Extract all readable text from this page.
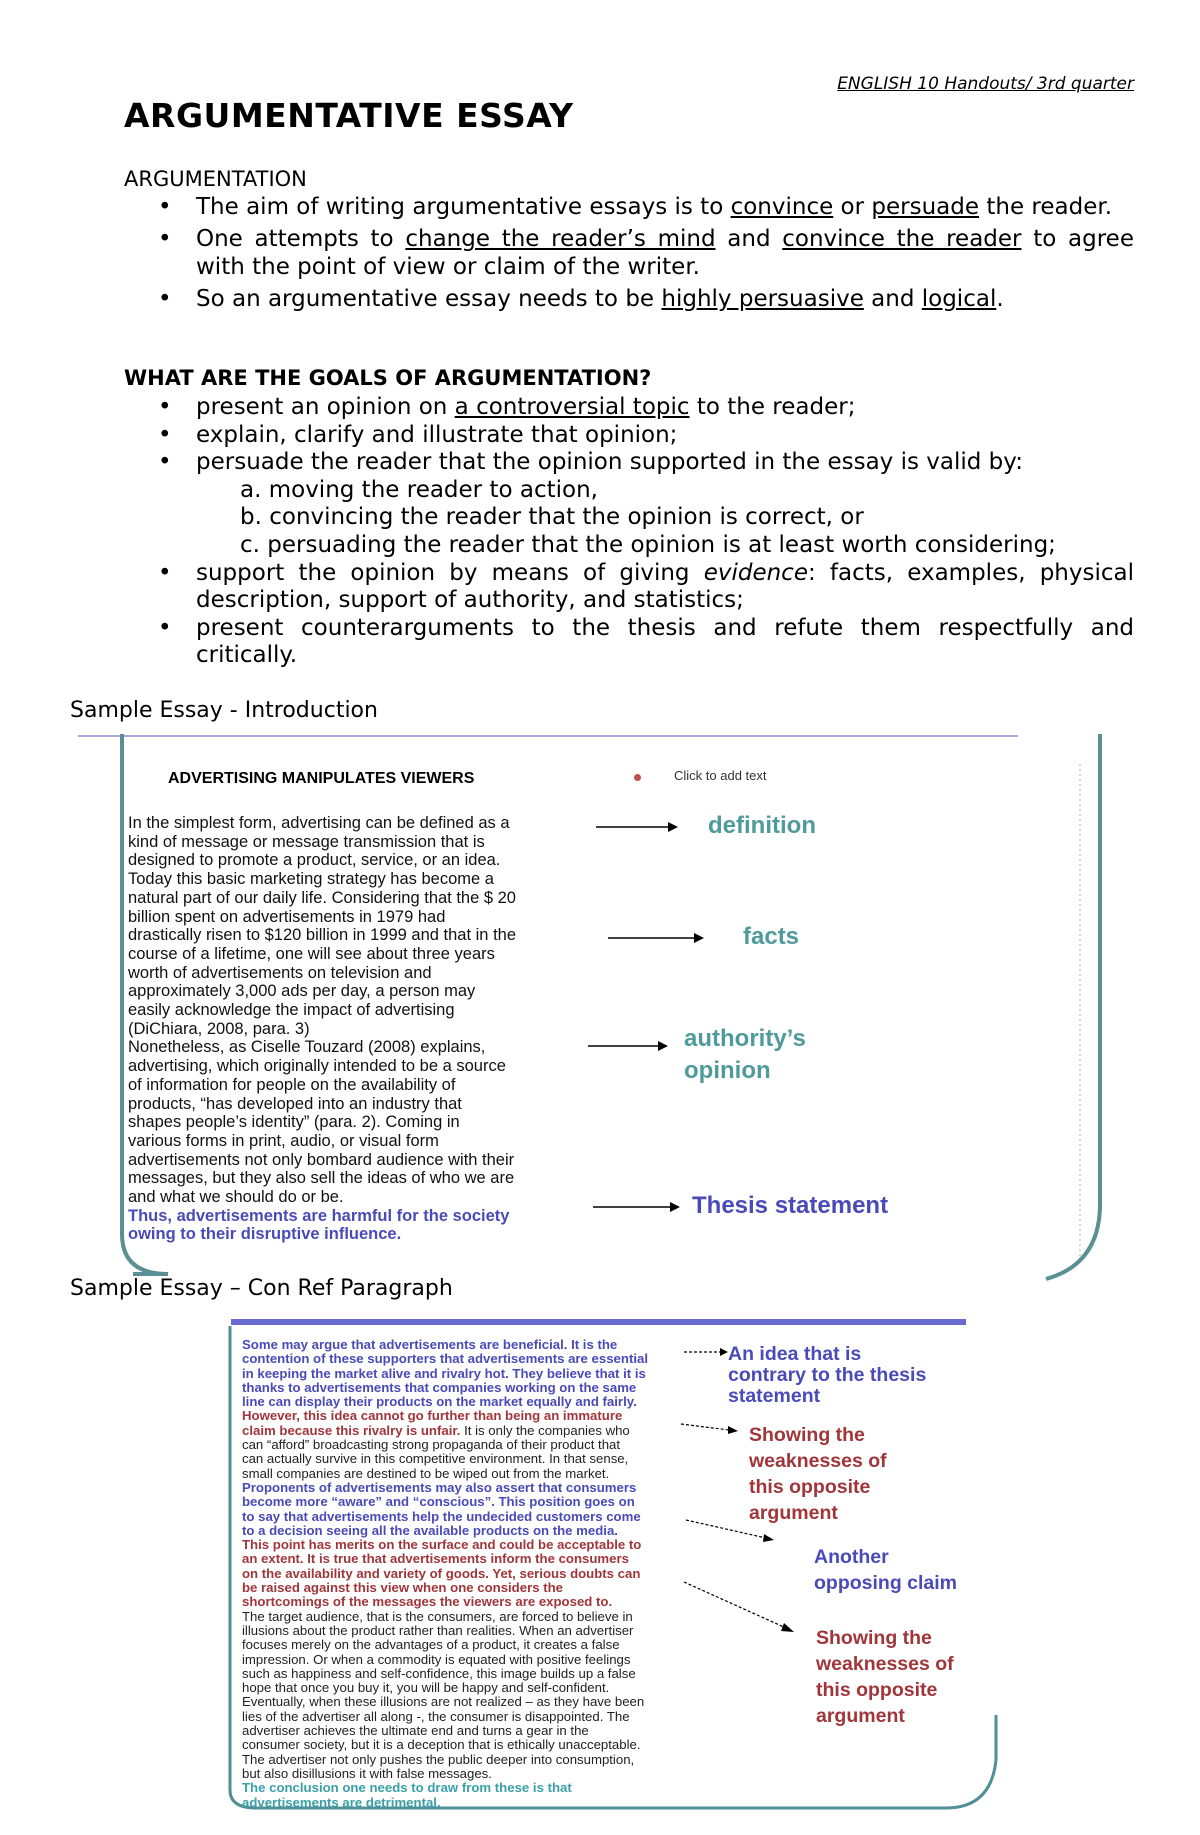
ENGLISH 10 Handouts/ 3rd quarter
ARGUMENTATIVE ESSAY
ARGUMENTATION
• The aim of writing argumentative essays is to convince or persuade the reader.
• One attempts to change the reader’s mind and convince the reader to agree with the point of view or claim of the writer.
• So an argumentative essay needs to be highly persuasive and logical.
WHAT ARE THE GOALS OF ARGUMENTATION?
• present an opinion on a controversial topic to the reader;
• explain, clarify and illustrate that opinion;
• persuade the reader that the opinion supported in the essay is valid by:
a. moving the reader to action,
b. convincing the reader that the opinion is correct, or
c. persuading the reader that the opinion is at least worth considering;
• support the opinion by means of giving evidence: facts, examples, physical description, support of authority, and statistics;
• present counterarguments to the thesis and refute them respectfully and critically.
Sample Essay - Introduction
ADVERTISING MANIPULATES VIEWERS	Click to add text
In the simplest form, advertising can be defined as a
kind of message or message transmission that is
designed to promote a product, service, or an idea.
Today this basic marketing strategy has become a
natural part of our daily life. Considering that the $ 20
billion spent on advertisements in 1979 had
drastically risen to $120 billion in 1999 and that in the
course of a lifetime, one will see about three years
worth of advertisements on television and
approximately 3,000 ads per day, a person may
easily acknowledge the impact of advertising
(DiChiara, 2008, para. 3)
Nonetheless, as Ciselle Touzard (2008) explains,
advertising, which originally intended to be a source
of information for people on the availability of
products, “has developed into an industry that
shapes people’s identity” (para. 2). Coming in
various forms in print, audio, or visual form
advertisements not only bombard audience with their
messages, but they also sell the ideas of who we are
and what we should do or be.
Thus, advertisements are harmful for the society
owing to their disruptive influence.
definition
facts
authority’s
opinion
Thesis statement
Sample Essay – Con Ref Paragraph
Some may argue that advertisements are beneficial. It is the
contention of these supporters that advertisements are essential
in keeping the market alive and rivalry hot. They believe that it is
thanks to advertisements that companies working on the same
line can display their products on the market equally and fairly.
However, this idea cannot go further than being an immature
claim because this rivalry is unfair. It is only the companies who
can “afford” broadcasting strong propaganda of their product that
can actually survive in this competitive environment. In that sense,
small companies are destined to be wiped out from the market.
Proponents of advertisements may also assert that consumers
become more “aware” and “conscious”. This position goes on
to say that advertisements help the undecided customers come
to a decision seeing all the available products on the media.
This point has merits on the surface and could be acceptable to
an extent. It is true that advertisements inform the consumers
on the availability and variety of goods. Yet, serious doubts can
be raised against this view when one considers the
shortcomings of the messages the viewers are exposed to.
The target audience, that is the consumers, are forced to believe in
illusions about the product rather than realities. When an advertiser
focuses merely on the advantages of a product, it creates a false
impression. Or when a commodity is equated with positive feelings
such as happiness and self-confidence, this image builds up a false
hope that once you buy it, you will be happy and self-confident.
Eventually, when these illusions are not realized – as they have been
lies of the advertiser all along -, the consumer is disappointed. The
advertiser achieves the ultimate end and turns a gear in the
consumer society, but it is a deception that is ethically unacceptable.
The advertiser not only pushes the public deeper into consumption,
but also disillusions it with false messages.
The conclusion one needs to draw from these is that
advertisements are detrimental.
An idea that is
contrary to the thesis
statement
Showing the
weaknesses of
this opposite
argument
Another
opposing claim
Showing the
weaknesses of
this opposite
argument
